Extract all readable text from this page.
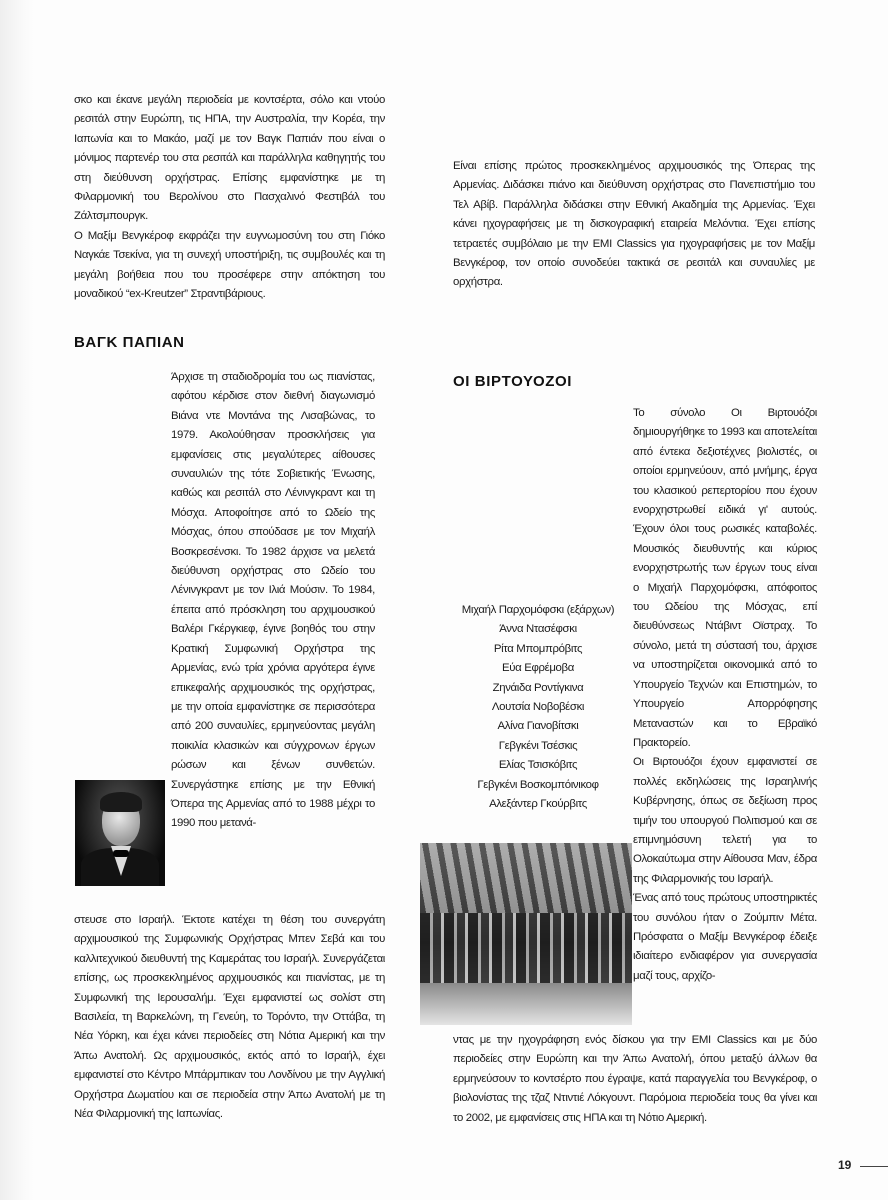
σκο και έκανε μεγάλη περιοδεία με κοντσέρτα, σόλο και ντούο ρεσιτάλ στην Ευρώπη, τις ΗΠΑ, την Αυστραλία, την Κορέα, την Ιαπωνία και το Μακάο, μαζί με τον Βαγκ Παπιάν που είναι ο μόνιμος παρτενέρ του στα ρεσιτάλ και παράλληλα καθηγητής του στη διεύθυνση ορχήστρας. Επίσης εμφανίστηκε με τη Φιλαρμονική του Βερολίνου στο Πασχαλινό Φεστιβάλ του Ζάλτσμπουργκ.

Ο Μαξίμ Βενγκέροφ εκφράζει την ευγνωμοσύνη του στη Γιόκο Ναγκάε Τσεκίνα, για τη συνεχή υποστήριξη, τις συμβουλές και τη μεγάλη βοήθεια που του προσέφερε στην απόκτηση του μοναδικού “ex-Kreutzer” Στραντιβάριους.

ΒΑΓΚ ΠΑΠΙΑΝ

Άρχισε τη σταδιοδρομία του ως πιανίστας, αφότου κέρδισε στον διεθνή διαγωνισμό Βιάνα ντε Μοντάνα της Λισαβώνας, το 1979. Ακολούθησαν προσκλήσεις για εμφανίσεις στις μεγαλύτερες αίθουσες συναυλιών της τότε Σοβιετικής Ένωσης, καθώς και ρεσιτάλ στο Λένινγκραντ και τη Μόσχα. Αποφοίτησε από το Ωδείο της Μόσχας, όπου σπούδασε με τον Μιχαήλ Βοσκρεσένσκι. Το 1982 άρχισε να μελετά διεύθυνση ορχήστρας στο Ωδείο του Λένινγκραντ με τον Ιλιά Μούσιν. Το 1984, έπειτα από πρόσκληση του αρχιμουσικού Βαλέρι Γκέργκιεφ, έγινε βοηθός του στην Κρατική Συμφωνική Ορχήστρα της Αρμενίας, ενώ τρία χρόνια αργότερα έγινε επικεφαλής αρχιμουσικός της ορχήστρας, με την οποία εμφανίστηκε σε περισσότερα από 200 συναυλίες, ερμηνεύοντας μεγάλη ποικιλία κλασικών και σύγχρονων έργων ρώσων και ξένων συνθετών. Συνεργάστηκε επίσης με την Εθνική Όπερα της Αρμενίας από το 1988 μέχρι το 1990 που μετανά-

στευσε στο Ισραήλ. Έκτοτε κατέχει τη θέση του συνεργάτη αρχιμουσικού της Συμφωνικής Ορχήστρας Μπεν Σεβά και του καλλιτεχνικού διευθυντή της Καμεράτας του Ισραήλ. Συνεργάζεται επίσης, ως προσκεκλημένος αρχιμουσικός και πιανίστας, με τη Συμφωνική της Ιερουσαλήμ. Έχει εμφανιστεί ως σολίστ στη Βασιλεία, τη Βαρκελώνη, τη Γενεύη, το Τορόντο, την Οττάβα, τη Νέα Υόρκη, και έχει κάνει περιοδείες στη Νότια Αμερική και την Άπω Ανατολή. Ως αρχιμουσικός, εκτός από το Ισραήλ, έχει εμφανιστεί στο Κέντρο Μπάρμπικαν του Λονδίνου με την Αγγλική Ορχήστρα Δωματίου και σε περιοδεία στην Άπω Ανατολή με τη Νέα Φιλαρμονική της Ιαπωνίας.

Είναι επίσης πρώτος προσκεκλημένος αρχιμουσικός της Όπερας της Αρμενίας. Διδάσκει πιάνο και διεύθυνση ορχήστρας στο Πανεπιστήμιο του Τελ Αβίβ. Παράλληλα διδάσκει στην Εθνική Ακαδημία της Αρμενίας. Έχει κάνει ηχογραφήσεις με τη δισκογραφική εταιρεία Μελόντια. Έχει επίσης τετραετές συμβόλαιο με την EMI Classics για ηχογραφήσεις με τον Μαξίμ Βενγκέροφ, τον οποίο συνοδεύει τακτικά σε ρεσιτάλ και συναυλίες με ορχήστρα.

ΟΙ ΒΙΡΤΟΥΟΖΟΙ

Το σύνολο Οι Βιρτουόζοι δημιουργήθηκε το 1993 και αποτελείται από έντεκα δεξιοτέχνες βιολιστές, οι οποίοι ερμηνεύουν, από μνήμης, έργα του κλασικού ρεπερτορίου που έχουν ενορχηστρωθεί ειδικά γι' αυτούς. Έχουν όλοι τους ρωσικές καταβολές. Μουσικός διευθυντής και κύριος ενορχηστρωτής των έργων τους είναι ο Μιχαήλ Παρχομόφσκι, απόφοιτος του Ωδείου της Μόσχας, επί διευθύνσεως Ντάβιντ Οϊστραχ. Το σύνολο, μετά τη σύστασή του, άρχισε να υποστηρίζεται οικονομικά από το Υπουργείο Τεχνών και Επιστημών, το Υπουργείο Απορρόφησης Μεταναστών και το Εβραϊκό Πρακτορείο.

Οι Βιρτουόζοι έχουν εμφανιστεί σε πολλές εκδηλώσεις της Ισραηλινής Κυβέρνησης, όπως σε δεξίωση προς τιμήν του υπουργού Πολιτισμού και σε επιμνημόσυνη τελετή για το Ολοκαύτωμα στην Αίθουσα Μαν, έδρα της Φιλαρμονικής του Ισραήλ.

Ένας από τους πρώτους υποστηρικτές του συνόλου ήταν ο Ζούμπιν Μέτα. Πρόσφατα ο Μαξίμ Βενγκέροφ έδειξε ιδιαίτερο ενδιαφέρον για συνεργασία μαζί τους, αρχίζο-

Μιχαήλ Παρχομόφσκι (εξάρχων)
Άννα Ντασέφσκι
Ρίτα Μπομπρόβιτς
Εύα Εφρέμοβα
Ζηνάιδα Ροντίγκινα
Λουτσία Νοβοβέσκι
Αλίνα Γιανοβίτσκι
Γεβγκένι Τσέσκις
Ελίας Τσισκόβιτς
Γεβγκένι Βοσκομπόινικοφ
Αλεξάντερ Γκούρβιτς

ντας με την ηχογράφηση ενός δίσκου για την EMI Classics και με δύο περιοδείες στην Ευρώπη και την Άπω Ανατολή, όπου μεταξύ άλλων θα ερμηνεύσουν το κοντσέρτο που έγραψε, κατά παραγγελία του Βενγκέροφ, ο βιολονίστας της τζαζ Ντιντιέ Λόκγουντ. Παρόμοια περιοδεία τους θα γίνει και το 2002, με εμφανίσεις στις ΗΠΑ και τη Νότιο Αμερική.

19
